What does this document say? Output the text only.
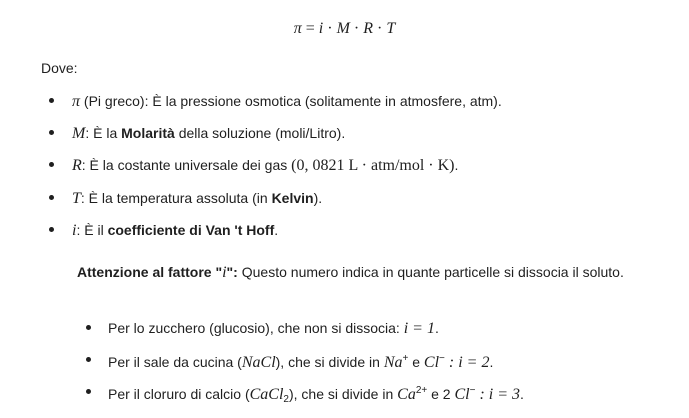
π = i · M · R · T
Dove:
π (Pi greco): È la pressione osmotica (solitamente in atmosfere, atm).
M: È la Molarità della soluzione (moli/Litro).
R: È la costante universale dei gas (0, 0821 L · atm/mol · K).
T: È la temperatura assoluta (in Kelvin).
i: È il coefficiente di Van 't Hoff.
Attenzione al fattore "i": Questo numero indica in quante particelle si dissocia il soluto.
Per lo zucchero (glucosio), che non si dissocia: i = 1.
Per il sale da cucina (NaCl), che si divide in Na+ e Cl− : i = 2.
Per il cloruro di calcio (CaCl$_2$), che si divide in $Ca^{2+}$ e 2 Cl− : i = 3.
